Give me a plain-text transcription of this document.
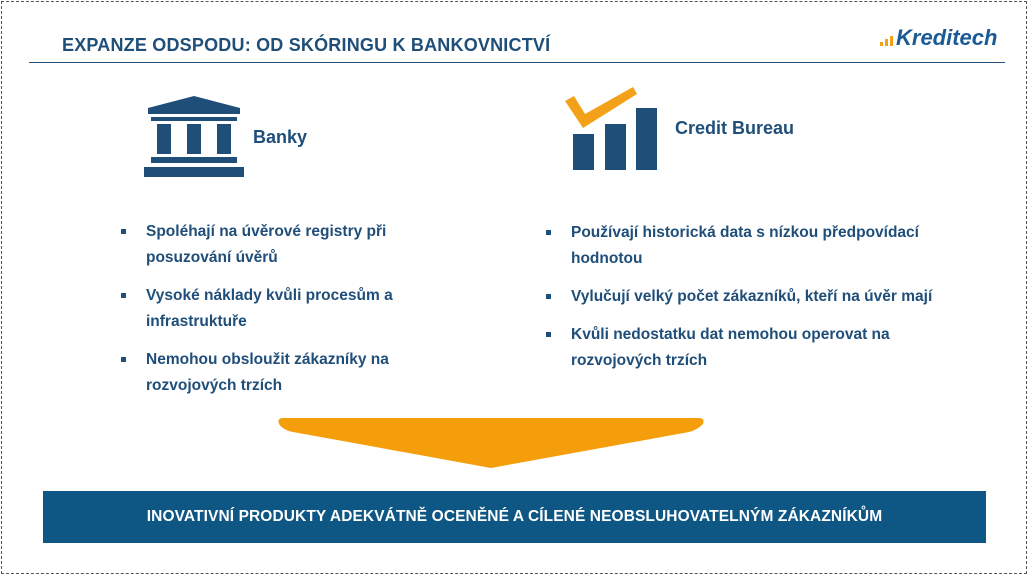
EXPANZE ODSPODU: OD SKÓRINGU K BANKOVNICTVÍ	Kreditech
Banky
Spoléhají na úvěrové registry při posuzování úvěrů
Vysoké náklady kvůli procesům a infrastruktuře
Nemohou obsloužit zákazníky na rozvojových trzích
Credit Bureau
Používají historická data s nízkou předpovídací hodnotou
Vylučují velký počet zákazníků, kteří na úvěr mají
Kvůli nedostatku dat nemohou operovat na rozvojových trzích
INOVATIVNÍ PRODUKTY ADEKVÁTNĚ OCENĚNÉ A CÍLENÉ NEOBSLUHOVATELNÝM ZÁKAZNÍKŮM
